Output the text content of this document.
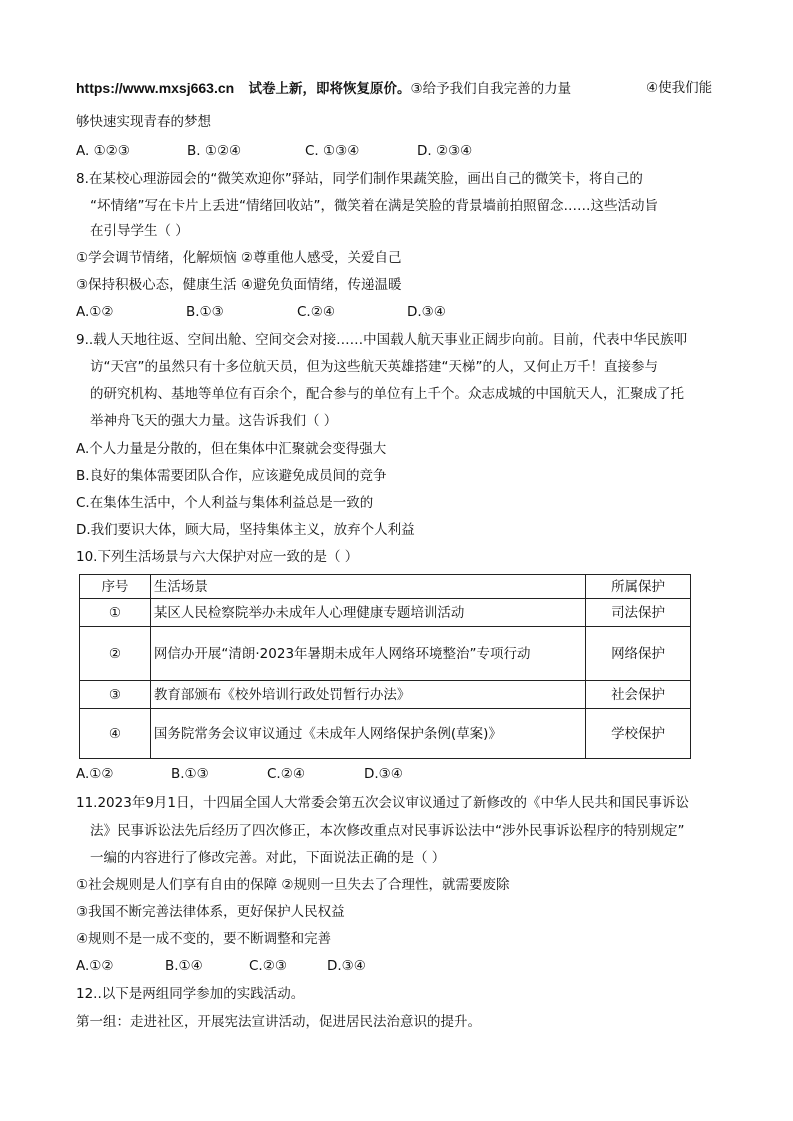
https://www.mxsj663.cn 试卷上新，即将恢复原价。③给予我们自我完善的力量	④使我们能
够快速实现青春的梦想
A. ①②③	B. ①②④	C. ①③④	D. ②③④
8.在某校心理游园会的“微笑欢迎你”驿站，同学们制作果蔬笑脸，画出自己的微笑卡，将自己的
“坏情绪”写在卡片上丢进“情绪回收站”，微笑着在满是笑脸的背景墙前拍照留念……这些活动旨
在引导学生（ ）
①学会调节情绪，化解烦恼 ②尊重他人感受，关爱自己
③保持积极心态，健康生活 ④避免负面情绪，传递温暖
A.①②	B.①③	C.②④	D.③④
9..载人天地往返、空间出舱、空间交会对接……中国载人航天事业正阔步向前。目前，代表中华民族叩
访“天宫”的虽然只有十多位航天员，但为这些航天英雄搭建“天梯”的人，又何止万千！直接参与
的研究机构、基地等单位有百余个，配合参与的单位有上千个。众志成城的中国航天人，汇聚成了托
举神舟飞天的强大力量。这告诉我们（ ）
A.个人力量是分散的，但在集体中汇聚就会变得强大
B.良好的集体需要团队合作，应该避免成员间的竞争
C.在集体生活中，个人利益与集体利益总是一致的
D.我们要识大体，顾大局，坚持集体主义，放弃个人利益
10.下列生活场景与六大保护对应一致的是（ ）
序号	生活场景	所属保护
①	某区人民检察院举办未成年人心理健康专题培训活动	司法保护
②	网信办开展“清朗·2023年暑期未成年人网络环境整治”专项行动	网络保护
③	教育部颁布《校外培训行政处罚暂行办法》	社会保护
④	国务院常务会议审议通过《未成年人网络保护条例(草案)》	学校保护
A.①②	B.①③	C.②④	D.③④
11.2023年9月1日，十四届全国人大常委会第五次会议审议通过了新修改的《中华人民共和国民事诉讼
法》民事诉讼法先后经历了四次修正，本次修改重点对民事诉讼法中“涉外民事诉讼程序的特别规定”
一编的内容进行了修改完善。对此，下面说法正确的是（ ）
①社会规则是人们享有自由的保障 ②规则一旦失去了合理性，就需要废除
③我国不断完善法律体系，更好保护人民权益
④规则不是一成不变的，要不断调整和完善
A.①②	B.①④	C.②③	D.③④
12..以下是两组同学参加的实践活动。
第一组：走进社区，开展宪法宣讲活动，促进居民法治意识的提升。
